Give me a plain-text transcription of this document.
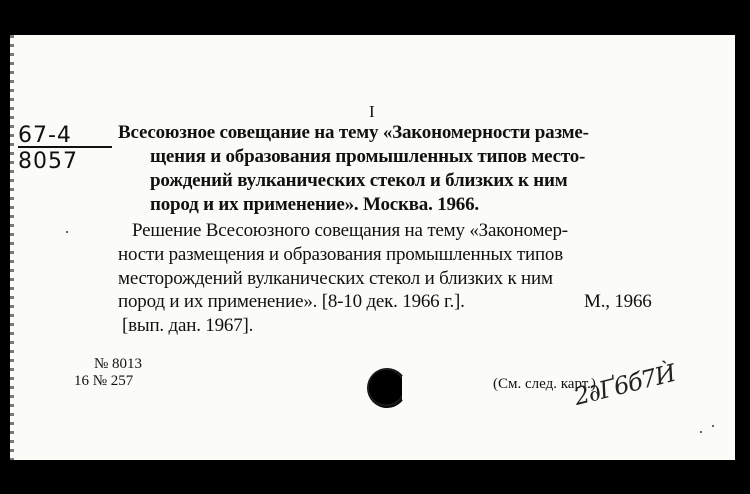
I
67-4
8057
Всесоюзное совещание на тему «Закономерности разме-
щения и образования промышленных типов место-
рождений вулканических стекол и близких к ним
пород и их применение». Москва. 1966.
Решение Всесоюзного совещания на тему «Закономер-
ности размещения и образования промышленных типов
месторождений вулканических стекол и близких к ним
пород и их применение». [8-10 дек. 1966 г.].	М., 1966
[вып. дан. 1967].
№ 8013
16 № 257	(См. след. карт.)
2∂Ґ6б7Ѝ
